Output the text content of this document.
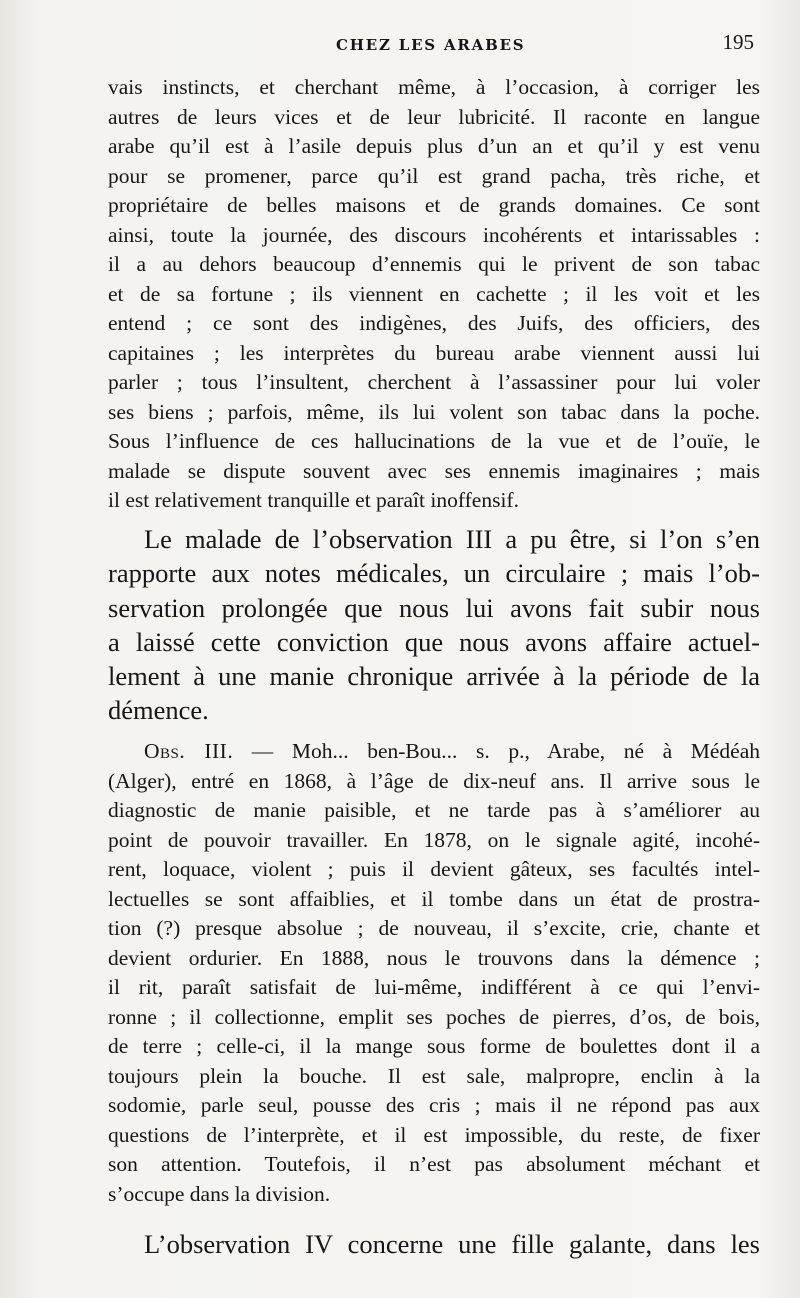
CHEZ LES ARABES	195
vais instincts, et cherchant même, à l’occasion, à corriger les
autres de leurs vices et de leur lubricité. Il raconte en langue
arabe qu’il est à l’asile depuis plus d’un an et qu’il y est venu
pour se promener, parce qu’il est grand pacha, très riche, et
propriétaire de belles maisons et de grands domaines. Ce sont
ainsi, toute la journée, des discours incohérents et intarissables :
il a au dehors beaucoup d’ennemis qui le privent de son tabac
et de sa fortune ; ils viennent en cachette ; il les voit et les
entend ; ce sont des indigènes, des Juifs, des officiers, des
capitaines ; les interprètes du bureau arabe viennent aussi lui
parler ; tous l’insultent, cherchent à l’assassiner pour lui voler
ses biens ; parfois, même, ils lui volent son tabac dans la poche.
Sous l’influence de ces hallucinations de la vue et de l’ouïe, le
malade se dispute souvent avec ses ennemis imaginaires ; mais
il est relativement tranquille et paraît inoffensif.
Le malade de l’observation III a pu être, si l’on s’en
rapporte aux notes médicales, un circulaire ; mais l’ob-
servation prolongée que nous lui avons fait subir nous
a laissé cette conviction que nous avons affaire actuel-
lement à une manie chronique arrivée à la période de la
démence.
Obs. III. — Moh... ben-Bou... s. p., Arabe, né à Médéah
(Alger), entré en 1868, à l’âge de dix-neuf ans. Il arrive sous le
diagnostic de manie paisible, et ne tarde pas à s’améliorer au
point de pouvoir travailler. En 1878, on le signale agité, incohé-
rent, loquace, violent ; puis il devient gâteux, ses facultés intel-
lectuelles se sont affaiblies, et il tombe dans un état de prostra-
tion (?) presque absolue ; de nouveau, il s’excite, crie, chante et
devient ordurier. En 1888, nous le trouvons dans la démence ;
il rit, paraît satisfait de lui-même, indifférent à ce qui l’envi-
ronne ; il collectionne, emplit ses poches de pierres, d’os, de bois,
de terre ; celle-ci, il la mange sous forme de boulettes dont il a
toujours plein la bouche. Il est sale, malpropre, enclin à la
sodomie, parle seul, pousse des cris ; mais il ne répond pas aux
questions de l’interprète, et il est impossible, du reste, de fixer
son attention. Toutefois, il n’est pas absolument méchant et
s’occupe dans la division.
L’observation IV concerne une fille galante, dans les
